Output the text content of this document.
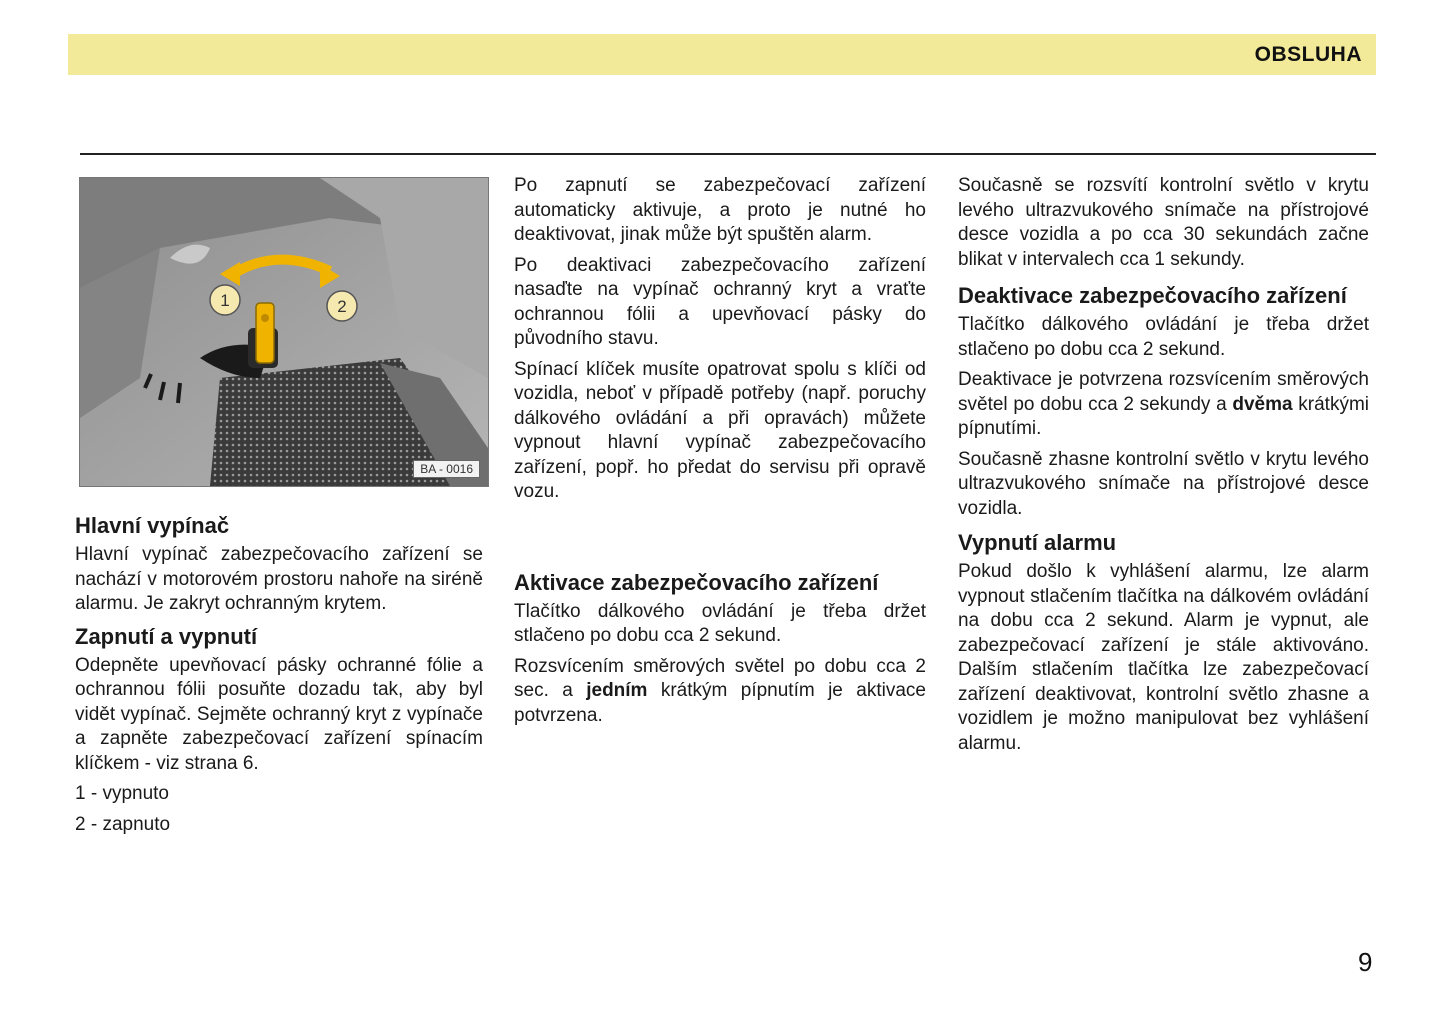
OBSLUHA
1	2
BA - 0016
Hlavní vypínač

Hlavní vypínač zabezpečovacího zařízení se nachází v motorovém prostoru nahoře na siréně alarmu. Je zakryt ochranným krytem.

Zapnutí a vypnutí

Odepněte upevňovací pásky ochranné fólie a ochrannou fólii posuňte dozadu tak, aby byl vidět vypínač. Sejměte ochranný kryt z vypínače a zapněte zabezpečovací zařízení spínacím klíčkem - viz strana 6.

1 - vypnuto

2 - zapnuto

Po zapnutí se zabezpečovací zařízení automaticky aktivuje, a proto je nutné ho deaktivovat, jinak může být spuštěn alarm.

Po deaktivaci zabezpečovacího zařízení nasaďte na vypínač ochranný kryt a vraťte ochrannou fólii a upevňovací pásky do původního stavu.

Spínací klíček musíte opatrovat spolu s klíči od vozidla, neboť v případě potřeby (např. poruchy dálkového ovládání a při opravách) můžete vypnout hlavní vypínač zabezpečovacího zařízení, popř. ho předat do servisu při opravě vozu.

Aktivace zabezpečovacího zařízení

Tlačítko dálkového ovládání je třeba držet stlačeno po dobu cca 2 sekund.

Rozsvícením směrových světel po dobu cca 2 sec. a jedním krátkým pípnutím je aktivace potvrzena.

Současně se rozsvítí kontrolní světlo v krytu levého ultrazvukového snímače na přístrojové desce vozidla a po cca 30 sekundách začne blikat v intervalech cca 1 sekundy.

Deaktivace zabezpečovacího zařízení

Tlačítko dálkového ovládání je třeba držet stlačeno po dobu cca 2 sekund.

Deaktivace je potvrzena rozsvícením směrových světel po dobu cca 2 sekundy a dvěma krátkými pípnutími.

Současně zhasne kontrolní světlo v krytu levého ultrazvukového snímače na přístrojové desce vozidla.

Vypnutí alarmu

Pokud došlo k vyhlášení alarmu, lze alarm vypnout stlačením tlačítka na dálkovém ovládání na dobu cca 2 sekund. Alarm je vypnut, ale zabezpečovací zařízení je stále aktivováno. Dalším stlačením tlačítka lze zabezpečovací zařízení deaktivovat, kontrolní světlo zhasne a vozidlem je možno manipulovat bez vyhlášení alarmu.

9
